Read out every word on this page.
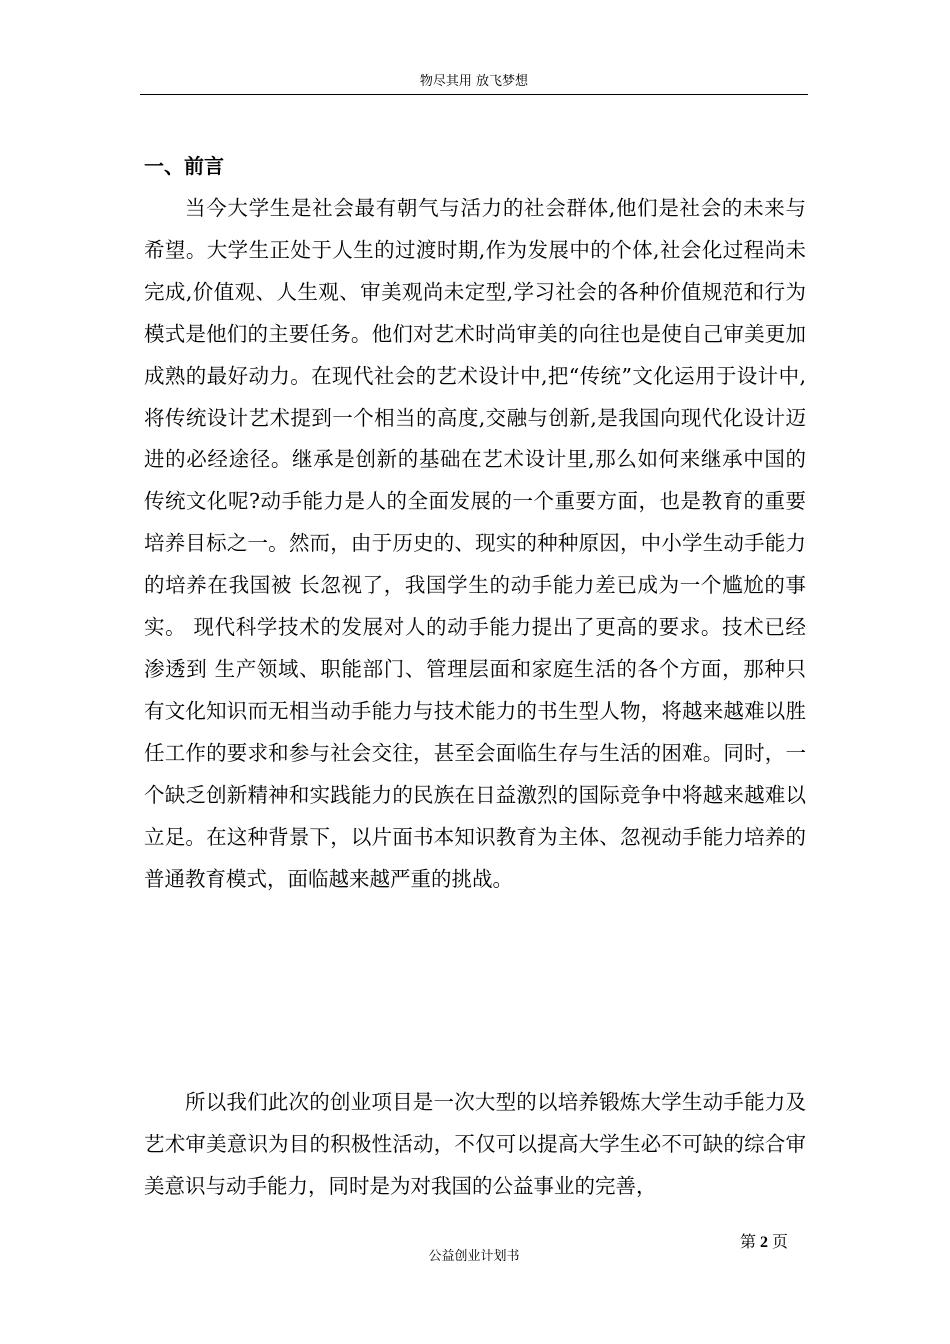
物尽其用 放飞梦想
一、前言

当今大学生是社会最有朝气与活力的社会群体,他们是社会的未来与希望。大学生正处于人生的过渡时期,作为发展中的个体,社会化过程尚未完成,价值观、人生观、审美观尚未定型,学习社会的各种价值规范和行为模式是他们的主要任务。他们对艺术时尚审美的向往也是使自己审美更加成熟的最好动力。在现代社会的艺术设计中,把“传统”文化运用于设计中,将传统设计艺术提到一个相当的高度,交融与创新,是我国向现代化设计迈进的必经途径。继承是创新的基础在艺术设计里,那么如何来继承中国的传统文化呢?动手能力是人的全面发展的一个重要方面，也是教育的重要培养目标之一。然而，由于历史的、现实的种种原因，中小学生动手能力的培养在我国被 长忽视了，我国学生的动手能力差已成为一个尴尬的事实。 现代科学技术的发展对人的动手能力提出了更高的要求。技术已经渗透到 生产领域、职能部门、管理层面和家庭生活的各个方面，那种只有文化知识而无相当动手能力与技术能力的书生型人物，将越来越难以胜任工作的要求和参与社会交往，甚至会面临生存与生活的困难。同时，一个缺乏创新精神和实践能力的民族在日益激烈的国际竞争中将越来越难以立足。在这种背景下，以片面书本知识教育为主体、忽视动手能力培养的普通教育模式，面临越来越严重的挑战。

所以我们此次的创业项目是一次大型的以培养锻炼大学生动手能力及艺术审美意识为目的积极性活动，不仅可以提高大学生必不可缺的综合审美意识与动手能力，同时是为对我国的公益事业的完善，

第 2 页
公益创业计划书
